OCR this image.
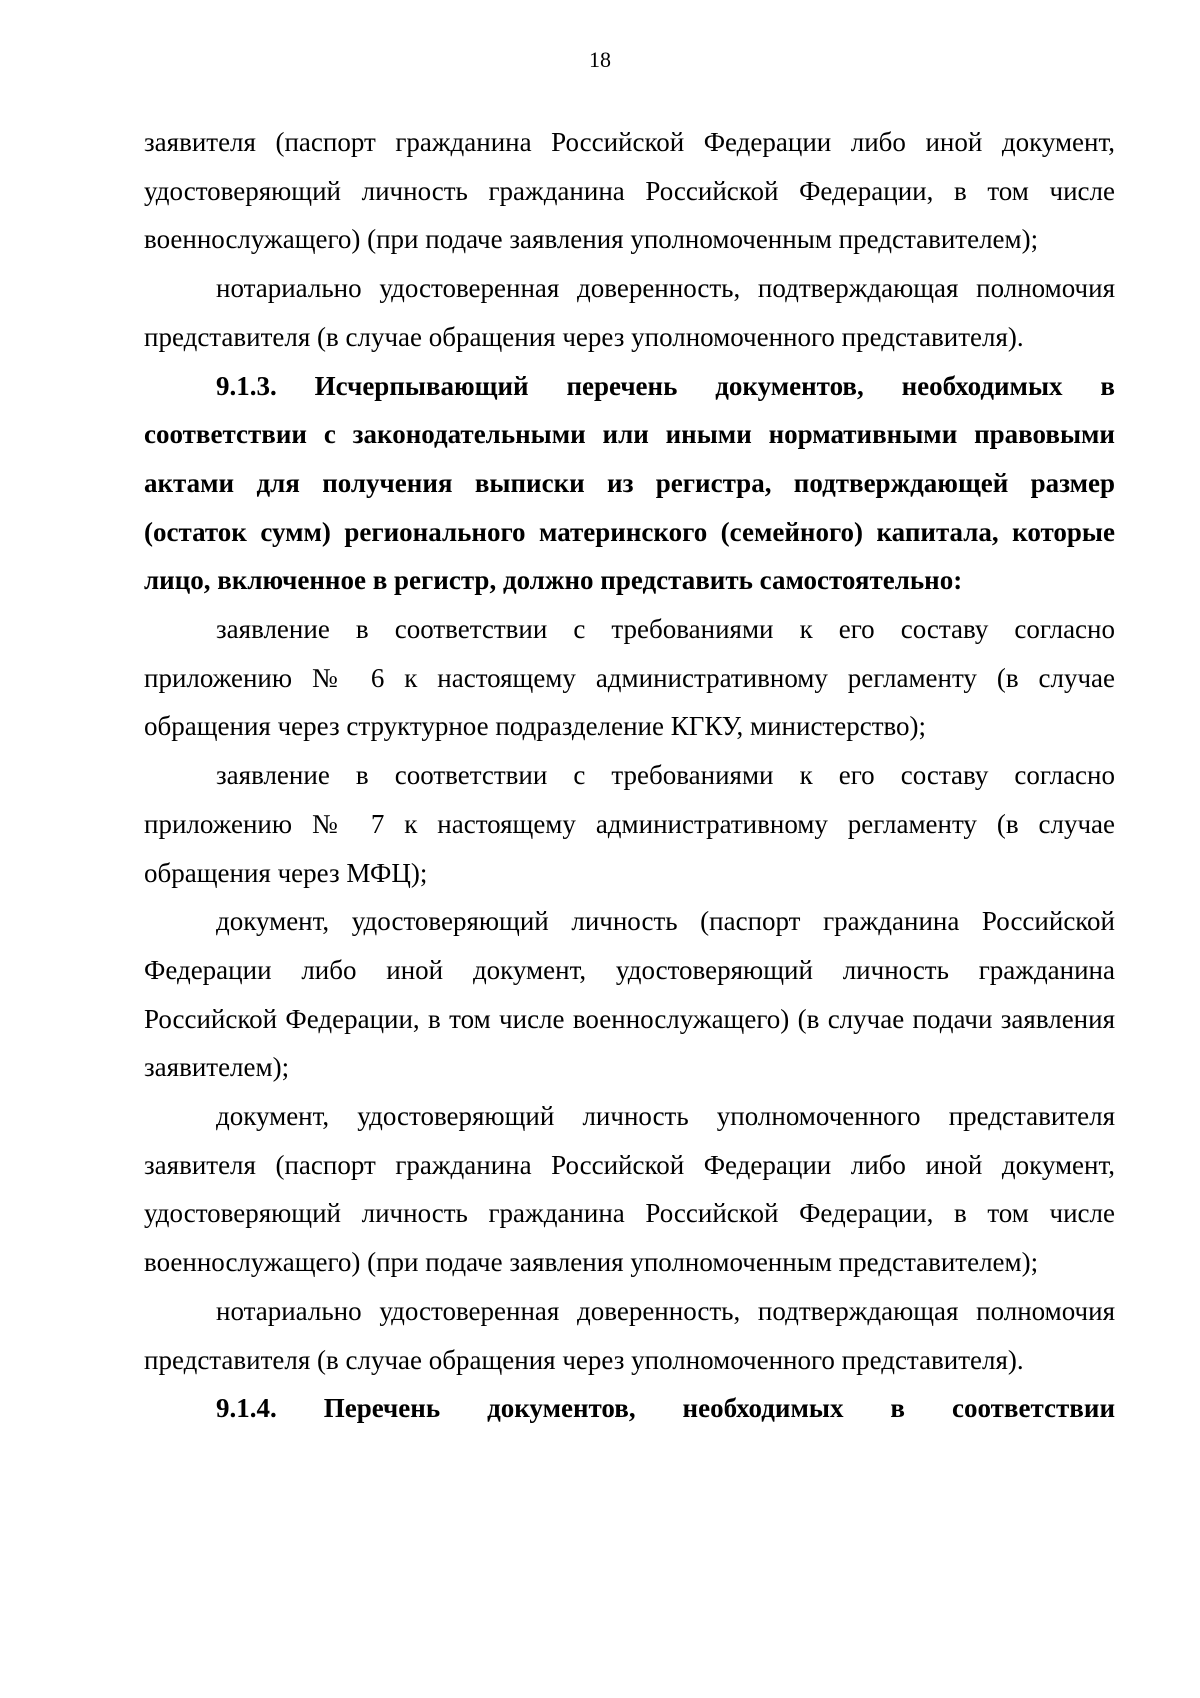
18

заявителя (паспорт гражданина Российской Федерации либо иной документ, удостоверяющий личность гражданина Российской Федерации, в том числе военнослужащего) (при подаче заявления уполномоченным представителем);

нотариально удостоверенная доверенность, подтверждающая полномочия представителя (в случае обращения через уполномоченного представителя).

9.1.3. Исчерпывающий перечень документов, необходимых в соответствии с законодательными или иными нормативными правовыми актами для получения выписки из регистра, подтверждающей размер (остаток сумм) регионального материнского (семейного) капитала, которые лицо, включенное в регистр, должно представить самостоятельно:

заявление в соответствии с требованиями к его составу согласно приложению № 6 к настоящему административному регламенту (в случае обращения через структурное подразделение КГКУ, министерство);

заявление в соответствии с требованиями к его составу согласно приложению № 7 к настоящему административному регламенту (в случае обращения через МФЦ);

документ, удостоверяющий личность (паспорт гражданина Российской Федерации либо иной документ, удостоверяющий личность гражданина Российской Федерации, в том числе военнослужащего) (в случае подачи заявления заявителем);

документ, удостоверяющий личность уполномоченного представителя заявителя (паспорт гражданина Российской Федерации либо иной документ, удостоверяющий личность гражданина Российской Федерации, в том числе военнослужащего) (при подаче заявления уполномоченным представителем);

нотариально удостоверенная доверенность, подтверждающая полномочия представителя (в случае обращения через уполномоченного представителя).

9.1.4. Перечень документов, необходимых в соответствии
